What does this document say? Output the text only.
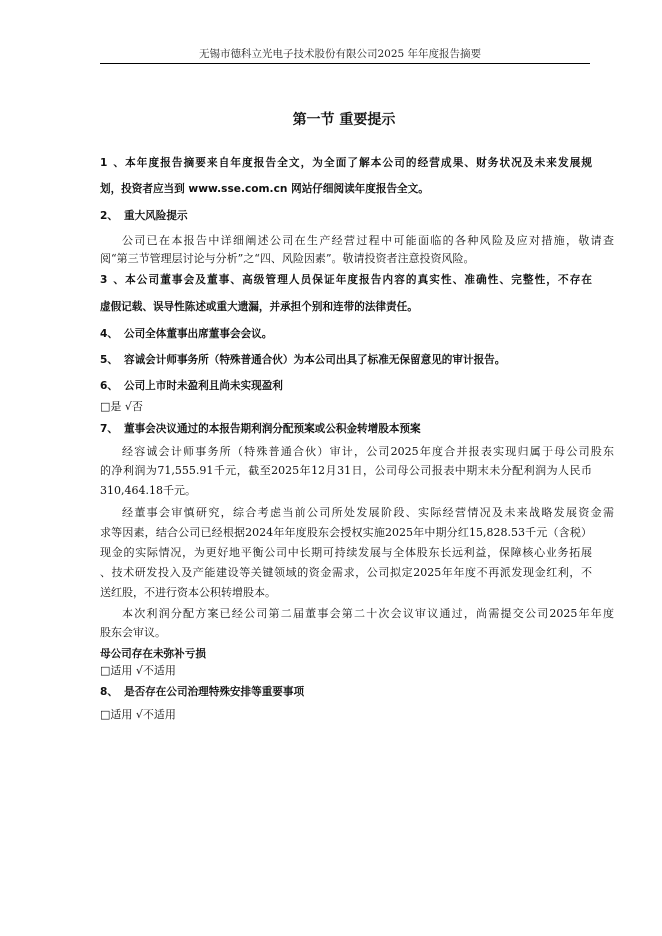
无锡市德科立光电子技术股份有限公司2025 年年度报告摘要
第一节 重要提示
1、本年度报告摘要来自年度报告全文，为全面了解本公司的经营成果、财务状况及未来发展规
划，投资者应当到 www.sse.com.cn 网站仔细阅读年度报告全文。
2、 重大风险提示
公司已在本报告中详细阐述公司在生产经营过程中可能面临的各种风险及应对措施，敬请查
阅“第三节管理层讨论与分析”之“四、风险因素”。敬请投资者注意投资风险。
3、本公司董事会及董事、高级管理人员保证年度报告内容的真实性、准确性、完整性，不存在
虚假记载、误导性陈述或重大遗漏，并承担个别和连带的法律责任。
4、 公司全体董事出席董事会会议。
5、 容诚会计师事务所（特殊普通合伙）为本公司出具了标准无保留意见的审计报告。
6、 公司上市时未盈利且尚未实现盈利
□是 √否
7、 董事会决议通过的本报告期利润分配预案或公积金转增股本预案
经容诚会计师事务所（特殊普通合伙）审计，公司2025年度合并报表实现归属于母公司股东
的净利润为71,555.91千元，截至2025年12月31日，公司母公司报表中期末未分配利润为人民币
310,464.18千元。
经董事会审慎研究，综合考虑当前公司所处发展阶段、实际经营情况及未来战略发展资金需
求等因素，结合公司已经根据2024年年度股东会授权实施2025年中期分红15,828.53千元（含税）
现金的实际情况，为更好地平衡公司中长期可持续发展与全体股东长远利益，保障核心业务拓展
、技术研发投入及产能建设等关键领域的资金需求，公司拟定2025年年度不再派发现金红利，不
送红股，不进行资本公积转增股本。
本次利润分配方案已经公司第二届董事会第二十次会议审议通过，尚需提交公司2025年年度
股东会审议。
母公司存在未弥补亏损
□适用 √不适用
8、 是否存在公司治理特殊安排等重要事项
□适用 √不适用
